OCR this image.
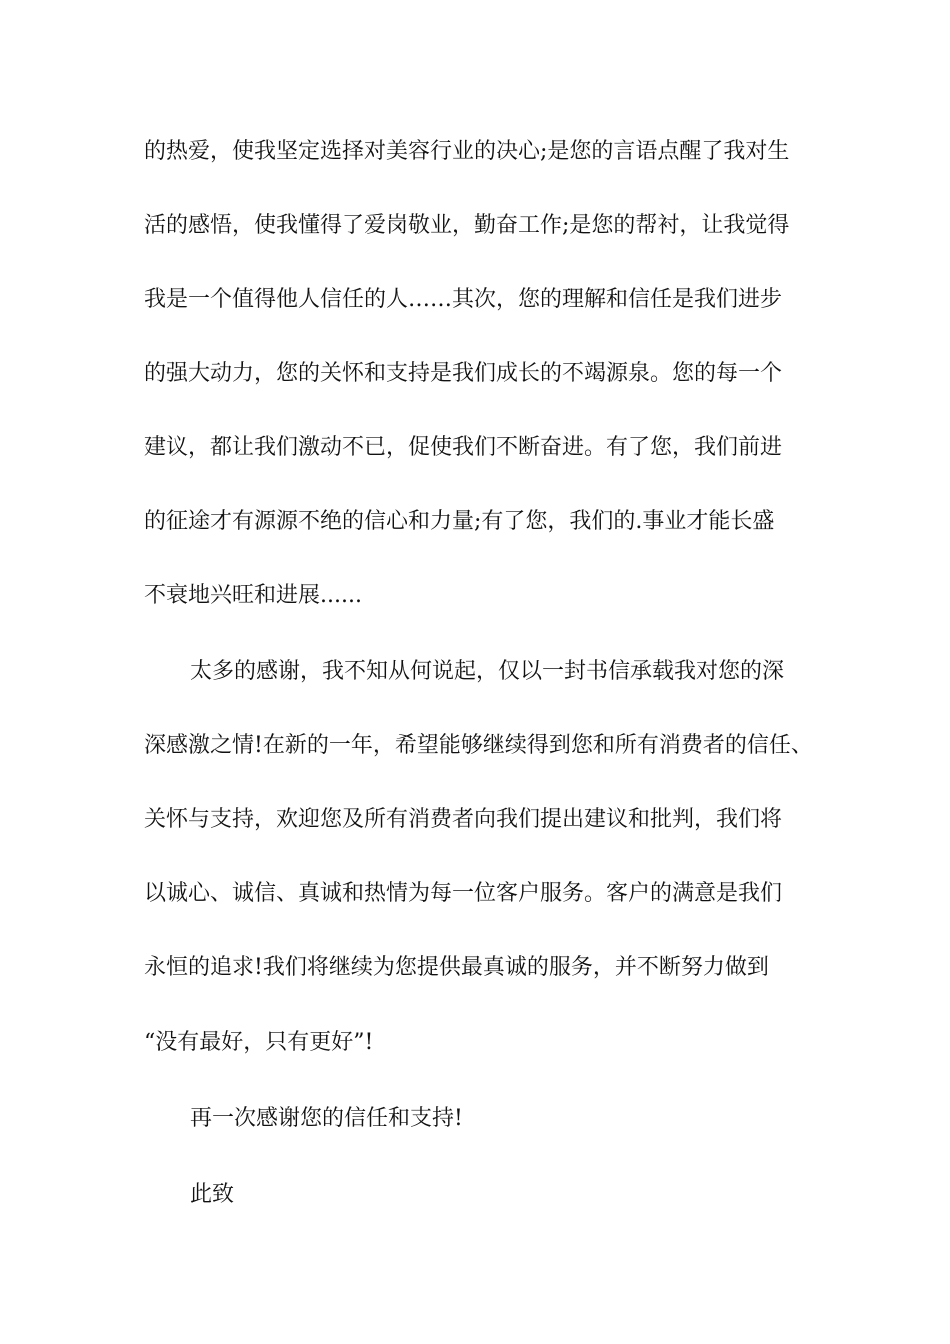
的热爱，使我坚定选择对美容行业的决心;是您的言语点醒了我对生
活的感悟，使我懂得了爱岗敬业，勤奋工作;是您的帮衬，让我觉得
我是一个值得他人信任的人……其次，您的理解和信任是我们进步
的强大动力，您的关怀和支持是我们成长的不竭源泉。您的每一个
建议，都让我们激动不已，促使我们不断奋进。有了您，我们前进
的征途才有源源不绝的信心和力量;有了您，我们的.事业才能长盛
不衰地兴旺和进展......
太多的感谢，我不知从何说起，仅以一封书信承载我对您的深
深感激之情!在新的一年，希望能够继续得到您和所有消费者的信任、
关怀与支持，欢迎您及所有消费者向我们提出建议和批判，我们将
以诚心、诚信、真诚和热情为每一位客户服务。客户的满意是我们
永恒的追求!我们将继续为您提供最真诚的服务，并不断努力做到
“没有最好，只有更好”!
再一次感谢您的信任和支持!
此致
